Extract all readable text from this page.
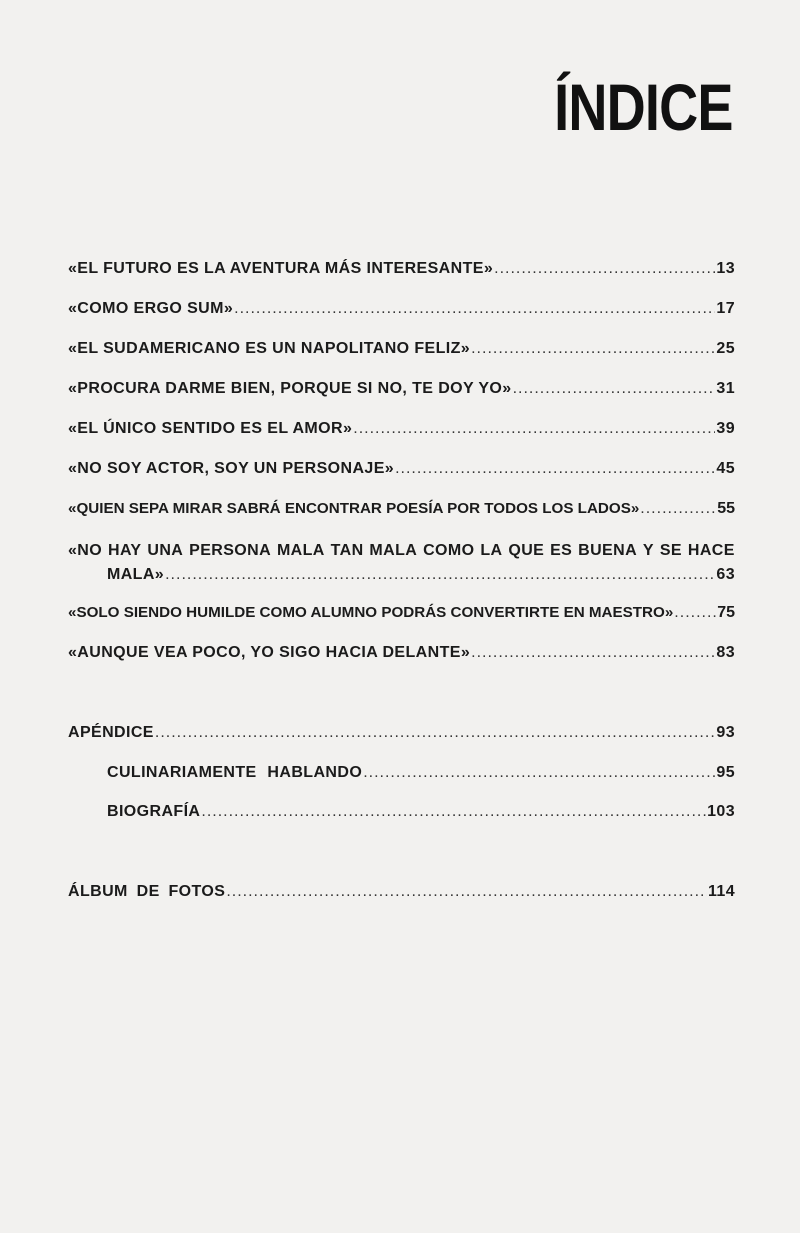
ÍNDICE
«EL FUTURO ES LA AVENTURA MÁS INTERESANTE» .....	13
«COMO ERGO SUM» .....	17
«EL SUDAMERICANO ES UN NAPOLITANO FELIZ» .....	25
«PROCURA DARME BIEN, PORQUE SI NO, TE DOY YO» .....	31
«EL ÚNICO SENTIDO ES EL AMOR» .....	39
«NO SOY ACTOR, SOY UN PERSONAJE» .....	45
«QUIEN SEPA MIRAR SABRÁ ENCONTRAR POESÍA POR TODOS LOS LADOS» .....	55
«NO HAY UNA PERSONA MALA TAN MALA COMO LA QUE ES BUENA Y SE HACE
MALA» .....	63
«SOLO SIENDO HUMILDE COMO ALUMNO PODRÁS CONVERTIRTE EN MAESTRO» .....	75
«AUNQUE VEA POCO, YO SIGO HACIA DELANTE» .....	83
APÉNDICE .....	93
CULINARIAMENTE HABLANDO .....	95
BIOGRAFÍA .....	103
ÁLBUM DE FOTOS .....	114
